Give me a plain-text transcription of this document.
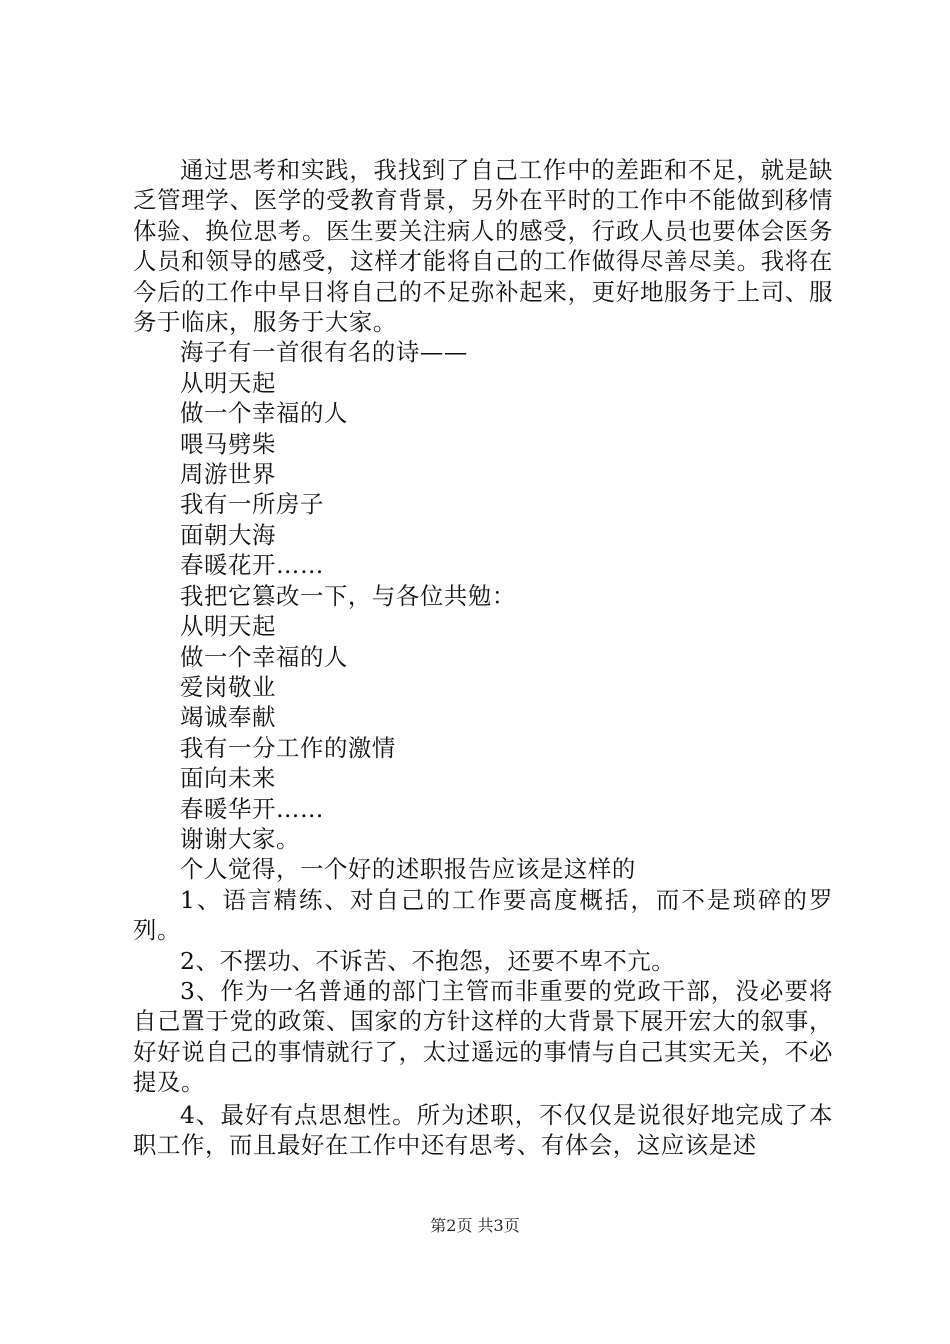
通过思考和实践，我找到了自己工作中的差距和不足，就是缺乏管理学、医学的受教育背景，另外在平时的工作中不能做到移情体验、换位思考。医生要关注病人的感受，行政人员也要体会医务人员和领导的感受，这样才能将自己的工作做得尽善尽美。我将在今后的工作中早日将自己的不足弥补起来，更好地服务于上司、服务于临床，服务于大家。

海子有一首很有名的诗——

从明天起

做一个幸福的人

喂马劈柴

周游世界

我有一所房子

面朝大海

春暖花开……

我把它篡改一下，与各位共勉：

从明天起

做一个幸福的人

爱岗敬业

竭诚奉献

我有一分工作的激情

面向未来

春暖华开……

谢谢大家。

个人觉得，一个好的述职报告应该是这样的

1、语言精练、对自己的工作要高度概括，而不是琐碎的罗列。

2、不摆功、不诉苦、不抱怨，还要不卑不亢。

3、作为一名普通的部门主管而非重要的党政干部，没必要将自己置于党的政策、国家的方针这样的大背景下展开宏大的叙事，好好说自己的事情就行了，太过遥远的事情与自己其实无关，不必提及。

4、最好有点思想性。所为述职，不仅仅是说很好地完成了本职工作，而且最好在工作中还有思考、有体会，这应该是述

第2页 共3页
